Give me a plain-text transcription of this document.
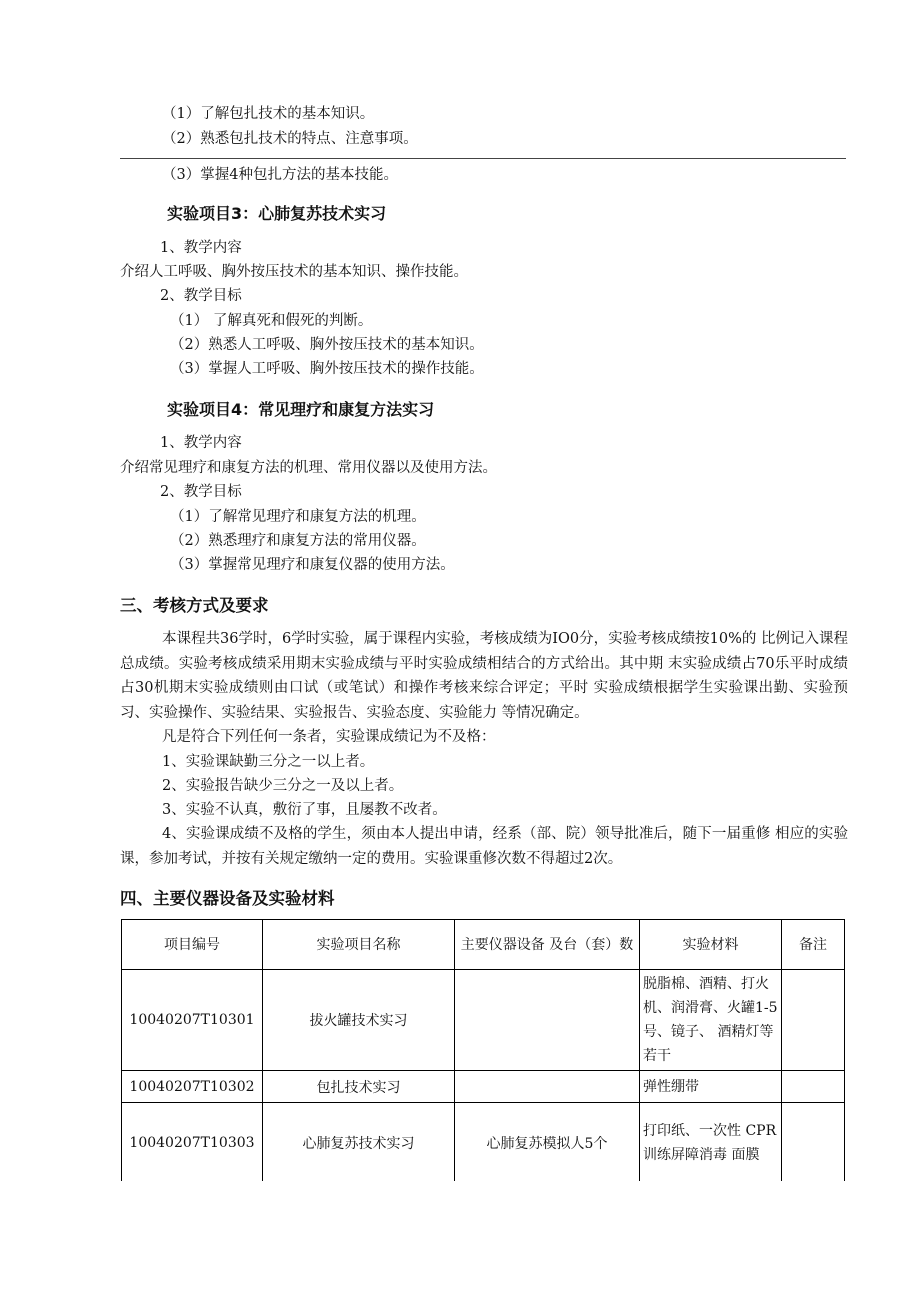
（1）了解包扎技术的基本知识。
（2）熟悉包扎技术的特点、注意事项。
（3）掌握4种包扎方法的基本技能。
实验项目3：心肺复苏技术实习
1、教学内容
介绍人工呼吸、胸外按压技术的基本知识、操作技能。
2、教学目标
（1） 了解真死和假死的判断。
（2）熟悉人工呼吸、胸外按压技术的基本知识。
（3）掌握人工呼吸、胸外按压技术的操作技能。
实验项目4：常见理疗和康复方法实习
1、教学内容
介绍常见理疗和康复方法的机理、常用仪器以及使用方法。
2、教学目标
（1）了解常见理疗和康复方法的机理。
（2）熟悉理疗和康复方法的常用仪器。
（3）掌握常见理疗和康复仪器的使用方法。
三、考核方式及要求
本课程共36学时，6学时实验，属于课程内实验，考核成绩为IO0分，实验考核成绩按10%的 比例记入课程总成绩。实验考核成绩采用期末实验成绩与平时实验成绩相结合的方式给出。其中期 末实验成绩占70乐平时成绩占30机期末实验成绩则由口试（或笔试）和操作考核来综合评定；平时 实验成绩根据学生实验课出勤、实验预习、实验操作、实验结果、实验报告、实验态度、实验能力 等情况确定。
凡是符合下列任何一条者，实验课成绩记为不及格：
1、实验课缺勤三分之一以上者。
2、实验报告缺少三分之一及以上者。
3、实验不认真，敷衍了事，且屡教不改者。
4、实验课成绩不及格的学生，须由本人提出申请，经系（部、院）领导批准后，随下一届重修 相应的实验课，参加考试，并按有关规定缴纳一定的费用。实验课重修次数不得超过2次。
四、主要仪器设备及实验材料
项目编号	实验项目名称	主要仪器设备 及台（套）数	实验材料	备注
10040207T10301	拔火罐技术实习		脱脂棉、酒精、打火机、润滑膏、火罐1-5号、镜子、 酒精灯等若干	
10040207T10302	包扎技术实习		弹性绷带	
10040207T10303	心肺复苏技术实习	心肺复苏模拟人5个	打印纸、一次性 CPR训练屏障消毒 面膜	
